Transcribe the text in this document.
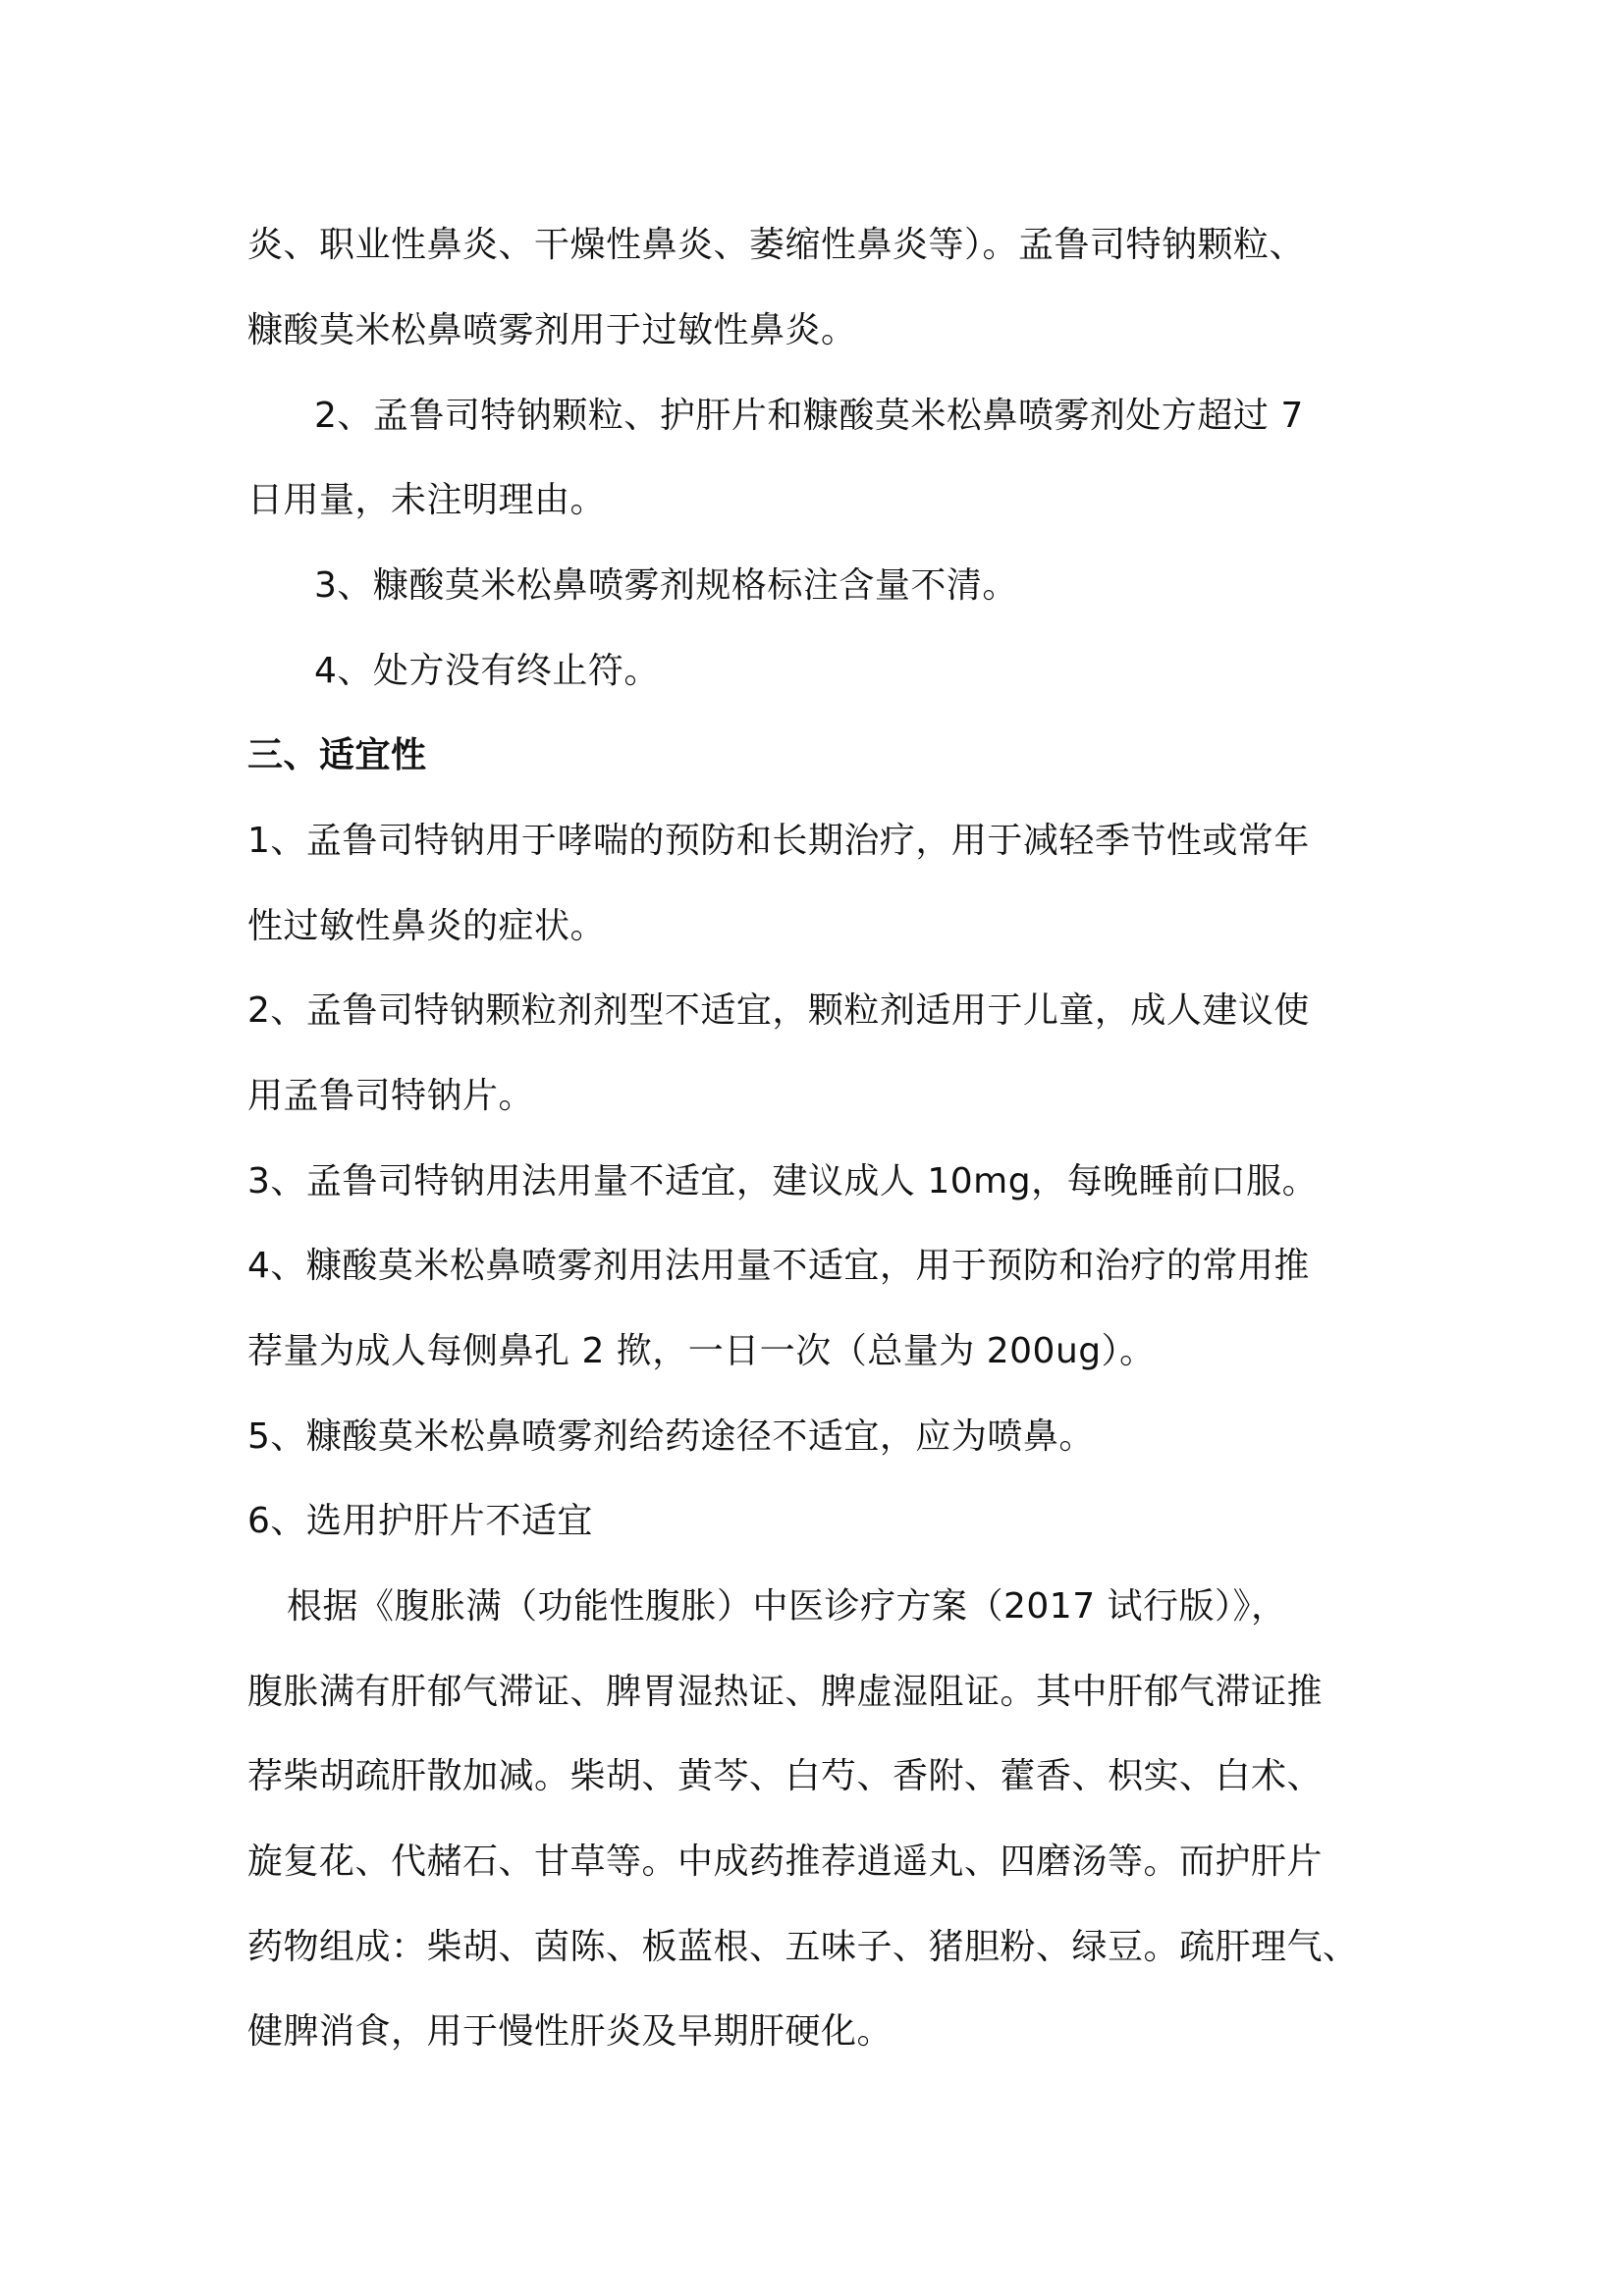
炎、职业性鼻炎、干燥性鼻炎、萎缩性鼻炎等）。孟鲁司特钠颗粒、
糠酸莫米松鼻喷雾剂用于过敏性鼻炎。
2、孟鲁司特钠颗粒、护肝片和糠酸莫米松鼻喷雾剂处方超过 7
日用量，未注明理由。
3、糠酸莫米松鼻喷雾剂规格标注含量不清。
4、处方没有终止符。
三、适宜性
1、孟鲁司特钠用于哮喘的预防和长期治疗，用于减轻季节性或常年
性过敏性鼻炎的症状。
2、孟鲁司特钠颗粒剂剂型不适宜，颗粒剂适用于儿童，成人建议使
用孟鲁司特钠片。
3、孟鲁司特钠用法用量不适宜，建议成人 10mg，每晚睡前口服。
4、糠酸莫米松鼻喷雾剂用法用量不适宜，用于预防和治疗的常用推
荐量为成人每侧鼻孔 2 揿，一日一次（总量为 200ug）。
5、糠酸莫米松鼻喷雾剂给药途径不适宜，应为喷鼻。
6、选用护肝片不适宜
根据《腹胀满（功能性腹胀）中医诊疗方案（2017 试行版）》，
腹胀满有肝郁气滞证、脾胃湿热证、脾虚湿阻证。其中肝郁气滞证推
荐柴胡疏肝散加减。柴胡、黄芩、白芍、香附、藿香、枳实、白术、
旋复花、代赭石、甘草等。中成药推荐逍遥丸、四磨汤等。而护肝片
药物组成：柴胡、茵陈、板蓝根、五味子、猪胆粉、绿豆。疏肝理气、
健脾消食，用于慢性肝炎及早期肝硬化。
